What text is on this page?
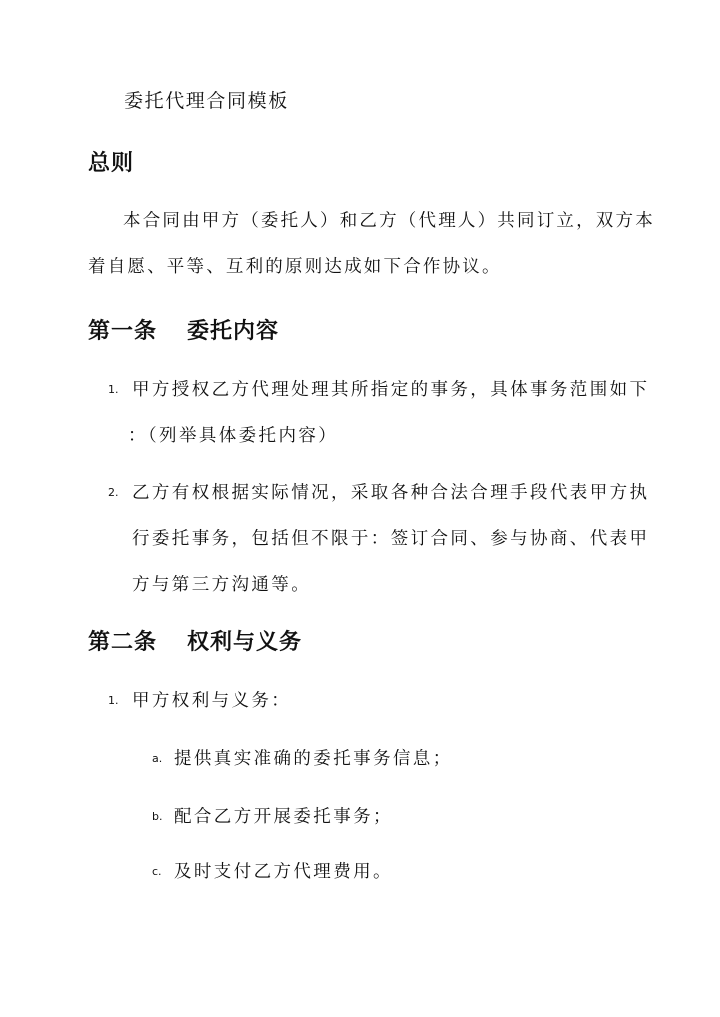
委托代理合同模板
总则

本合同由甲方（委托人）和乙方（代理人）共同订立，双方本
着自愿、平等、互利的原则达成如下合作协议。

第一条 委托内容
1. 甲方授权乙方代理处理其所指定的事务，具体事务范围如下
：（列举具体委托内容）
2. 乙方有权根据实际情况，采取各种合法合理手段代表甲方执
行委托事务，包括但不限于：签订合同、参与协商、代表甲
方与第三方沟通等。
第二条 权利与义务
1. 甲方权利与义务：
a. 提供真实准确的委托事务信息；
b. 配合乙方开展委托事务；
c. 及时支付乙方代理费用。
